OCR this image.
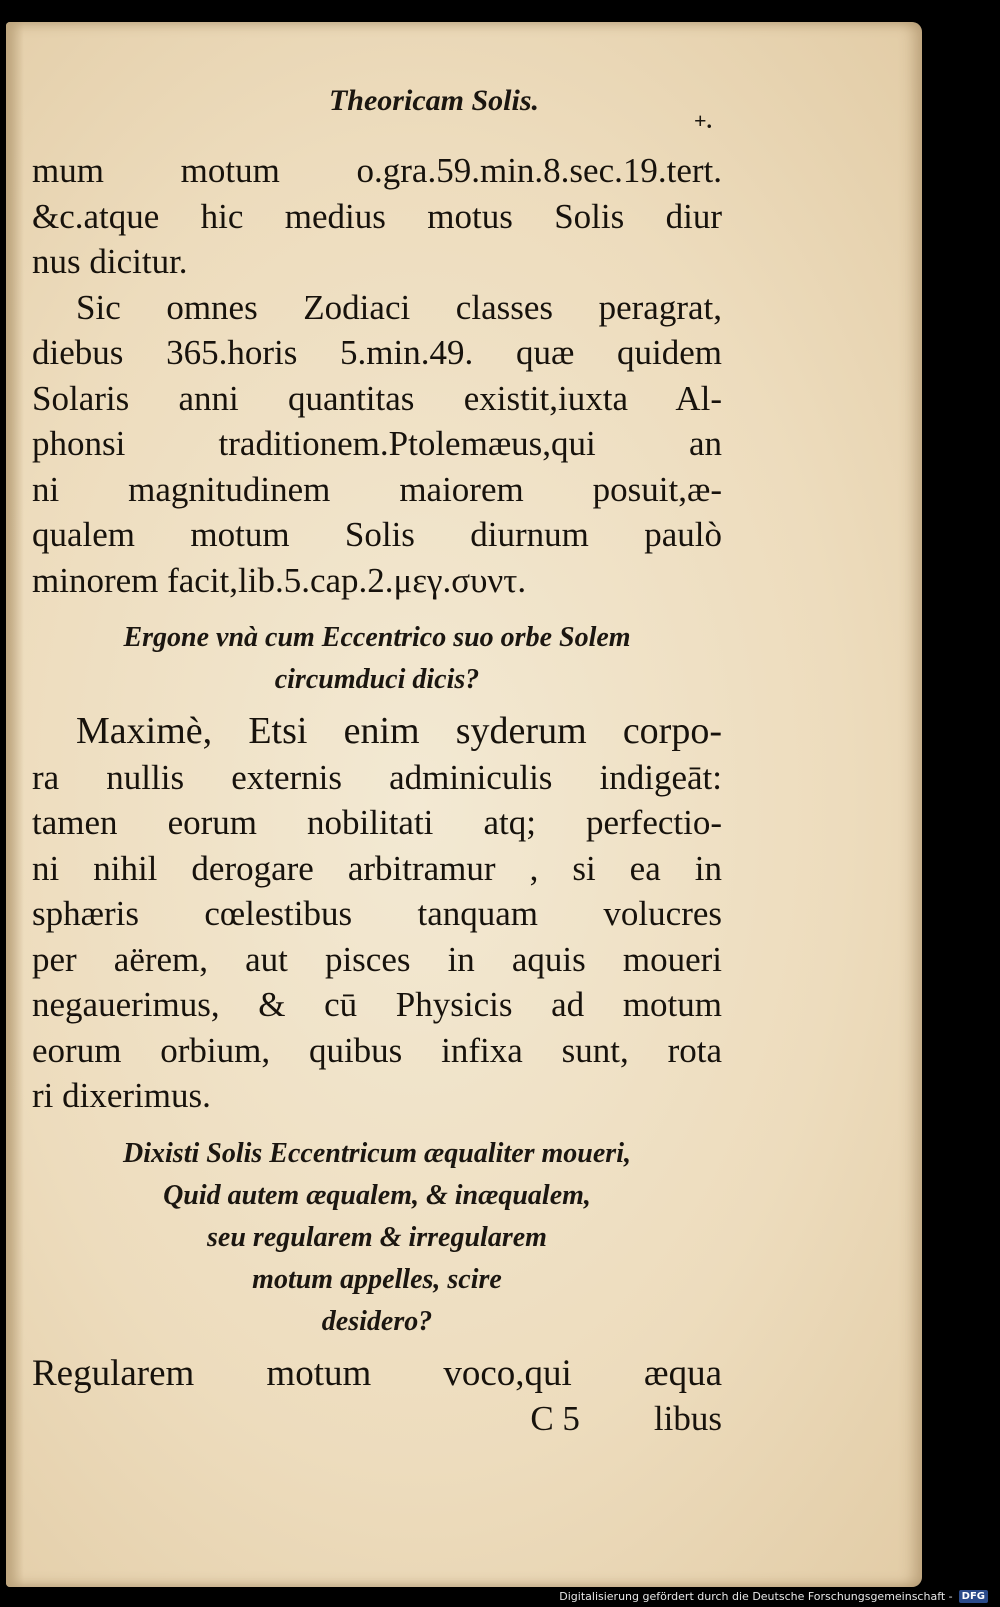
Theoricam Solis.
+.
mum motum o.gra.59.min.8.sec.19.tert.
&c.atque hic medius motus Solis diur
nus dicitur.
Sic omnes Zodiaci classes peragrat,
diebus 365.horis 5.min.49. quæ quidem
Solaris anni quantitas existit,iuxta Al-
phonsi traditionem.Ptolemæus,qui an
ni magnitudinem maiorem posuit,æ-
qualem motum Solis diurnum paulò
minorem facit,lib.5.cap.2.μεγ.συντ.
Ergone vnà cum Eccentrico suo orbe Solem
circumduci dicis?
Maximè, Etsi enim syderum corpo-
ra nullis externis adminiculis indigeāt:
tamen eorum nobilitati atq; perfectio-
ni nihil derogare arbitramur , si ea in
sphæris cœlestibus tanquam volucres
per aërem, aut pisces in aquis moueri
negauerimus, & cū Physicis ad motum
eorum orbium, quibus infixa sunt, rota
ri dixerimus.
Dixisti Solis Eccentricum æqualiter moueri,
Quid autem æqualem, & inæqualem,
seu regularem & irregularem
motum appelles, scire
desidero?
Regularem motum voco,qui æqua
C 5 libus
Digitalisierung gefördert durch die Deutsche Forschungsgemeinschaft - DFG
